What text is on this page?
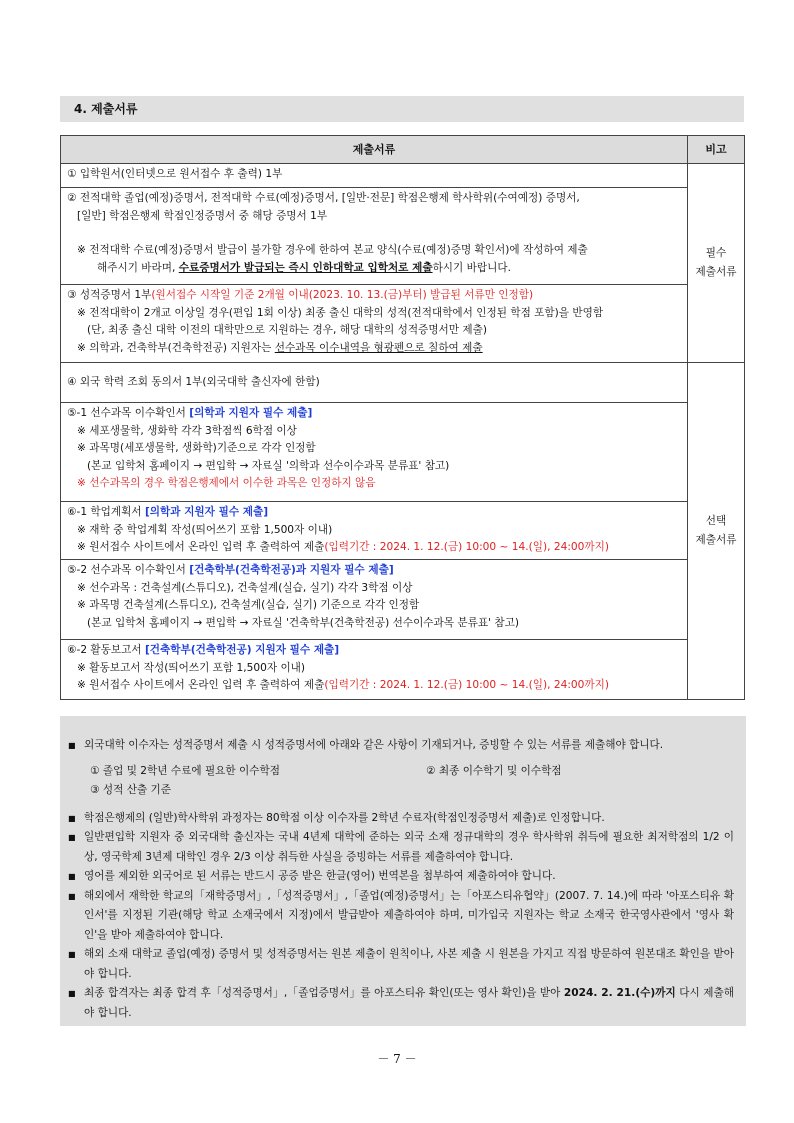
4. 제출서류
제출서류	비고

① 입학원서(인터넷으로 원서접수 후 출력) 1부	필수
제출서류

② 전적대학 졸업(예정)증명서, 전적대학 수료(예정)증명서, [일반·전문] 학점은행제 학사학위(수여예정) 증명서,
[일반] 학점은행제 학점인정증명서 중 해당 증명서 1부
※ 전적대학 수료(예정)증명서 발급이 불가할 경우에 한하여 본교 양식(수료(예정)증명 확인서)에 작성하여 제출
해주시기 바라며, 수료증명서가 발급되는 즉시 인하대학교 입학처로 제출하시기 바랍니다.	

③ 성적증명서 1부(원서접수 시작일 기준 2개월 이내(2023. 10. 13.(금)부터) 발급된 서류만 인정함)
※ 전적대학이 2개교 이상일 경우(편입 1회 이상) 최종 출신 대학의 성적(전적대학에서 인정된 학점 포함)을 반영함
(단, 최종 출신 대학 이전의 대학만으로 지원하는 경우, 해당 대학의 성적증명서만 제출)
※ 의학과, 건축학부(건축학전공) 지원자는 선수과목 이수내역을 형광펜으로 칠하여 제출	

④ 외국 학력 조회 동의서 1부(외국대학 출신자에 한함)	선택
제출서류

⑤-1 선수과목 이수확인서 [의학과 지원자 필수 제출]
※ 세포생물학, 생화학 각각 3학점씩 6학점 이상
※ 과목명(세포생물학, 생화학)기준으로 각각 인정함
(본교 입학처 홈페이지 → 편입학 → 자료실 '의학과 선수이수과목 분류표' 참고)
※ 선수과목의 경우 학점은행제에서 이수한 과목은 인정하지 않음	

⑥-1 학업계획서 [의학과 지원자 필수 제출]
※ 재학 중 학업계획 작성(띄어쓰기 포함 1,500자 이내)
※ 원서접수 사이트에서 온라인 입력 후 출력하여 제출(입력기간 : 2024. 1. 12.(금) 10:00 ~ 14.(일), 24:00까지)	

⑤-2 선수과목 이수확인서 [건축학부(건축학전공)과 지원자 필수 제출]
※ 선수과목 : 건축설계(스튜디오), 건축설계(실습, 실기) 각각 3학점 이상
※ 과목명 건축설계(스튜디오), 건축설계(실습, 실기) 기준으로 각각 인정함
(본교 입학처 홈페이지 → 편입학 → 자료실 '건축학부(건축학전공) 선수이수과목 분류표' 참고)	

⑥-2 활동보고서 [건축학부(건축학전공) 지원자 필수 제출]
※ 활동보고서 작성(띄어쓰기 포함 1,500자 이내)
※ 원서접수 사이트에서 온라인 입력 후 출력하여 제출(입력기간 : 2024. 1. 12.(금) 10:00 ~ 14.(일), 24:00까지)	
■ 외국대학 이수자는 성적증명서 제출 시 성적증명서에 아래와 같은 사항이 기재되거나, 증빙할 수 있는 서류를 제출해야 합니다.
① 졸업 및 2학년 수료에 필요한 이수학점	② 최종 이수학기 및 이수학점
③ 성적 산출 기준
■ 학점은행제의 (일반)학사학위 과정자는 80학점 이상 이수자를 2학년 수료자(학점인정증명서 제출)로 인정합니다.
■ 일반편입학 지원자 중 외국대학 출신자는 국내 4년제 대학에 준하는 외국 소재 정규대학의 경우 학사학위 취득에 필요한 최저학점의 1/2 이상, 영국학제 3년제 대학인 경우 2/3 이상 취득한 사실을 증빙하는 서류를 제출하여야 합니다.
■ 영어를 제외한 외국어로 된 서류는 반드시 공증 받은 한글(영어) 번역본을 첨부하여 제출하여야 합니다.
■ 해외에서 재학한 학교의「재학증명서」,「성적증명서」,「졸업(예정)증명서」는「아포스티유협약」(2007. 7. 14.)에 따라 '아포스티유 확인서'를 지정된 기관(해당 학교 소재국에서 지정)에서 발급받아 제출하여야 하며, 미가입국 지원자는 학교 소재국 한국영사관에서 '영사 확인'을 받아 제출하여야 합니다.
■ 해외 소재 대학교 졸업(예정) 증명서 및 성적증명서는 원본 제출이 원칙이나, 사본 제출 시 원본을 가지고 직접 방문하여 원본대조 확인을 받아야 합니다.
■ 최종 합격자는 최종 합격 후「성적증명서」,「졸업증명서」를 아포스티유 확인(또는 영사 확인)을 받아 2024. 2. 21.(수)까지 다시 제출해야 합니다.
－ 7 －
